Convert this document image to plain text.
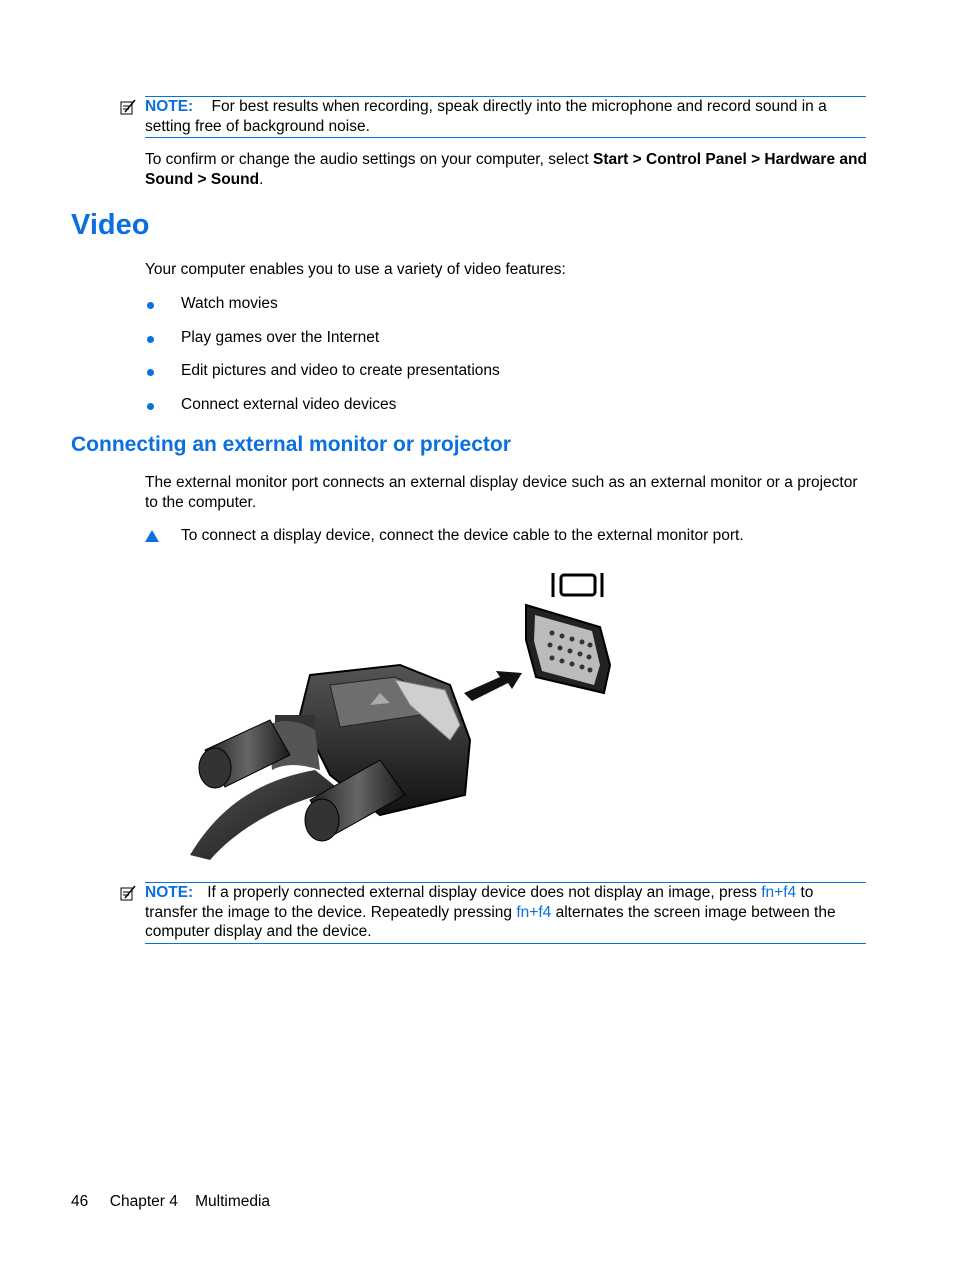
NOTE: For best results when recording, speak directly into the microphone and record sound in a setting free of background noise.
To confirm or change the audio settings on your computer, select Start > Control Panel > Hardware and Sound > Sound.
Video
Your computer enables you to use a variety of video features:
Watch movies
Play games over the Internet
Edit pictures and video to create presentations
Connect external video devices
Connecting an external monitor or projector
The external monitor port connects an external display device such as an external monitor or a projector to the computer.
To connect a display device, connect the device cable to the external monitor port.
NOTE: If a properly connected external display device does not display an image, press fn+f4 to transfer the image to the device. Repeatedly pressing fn+f4 alternates the screen image between the computer display and the device.
46 Chapter 4 Multimedia
